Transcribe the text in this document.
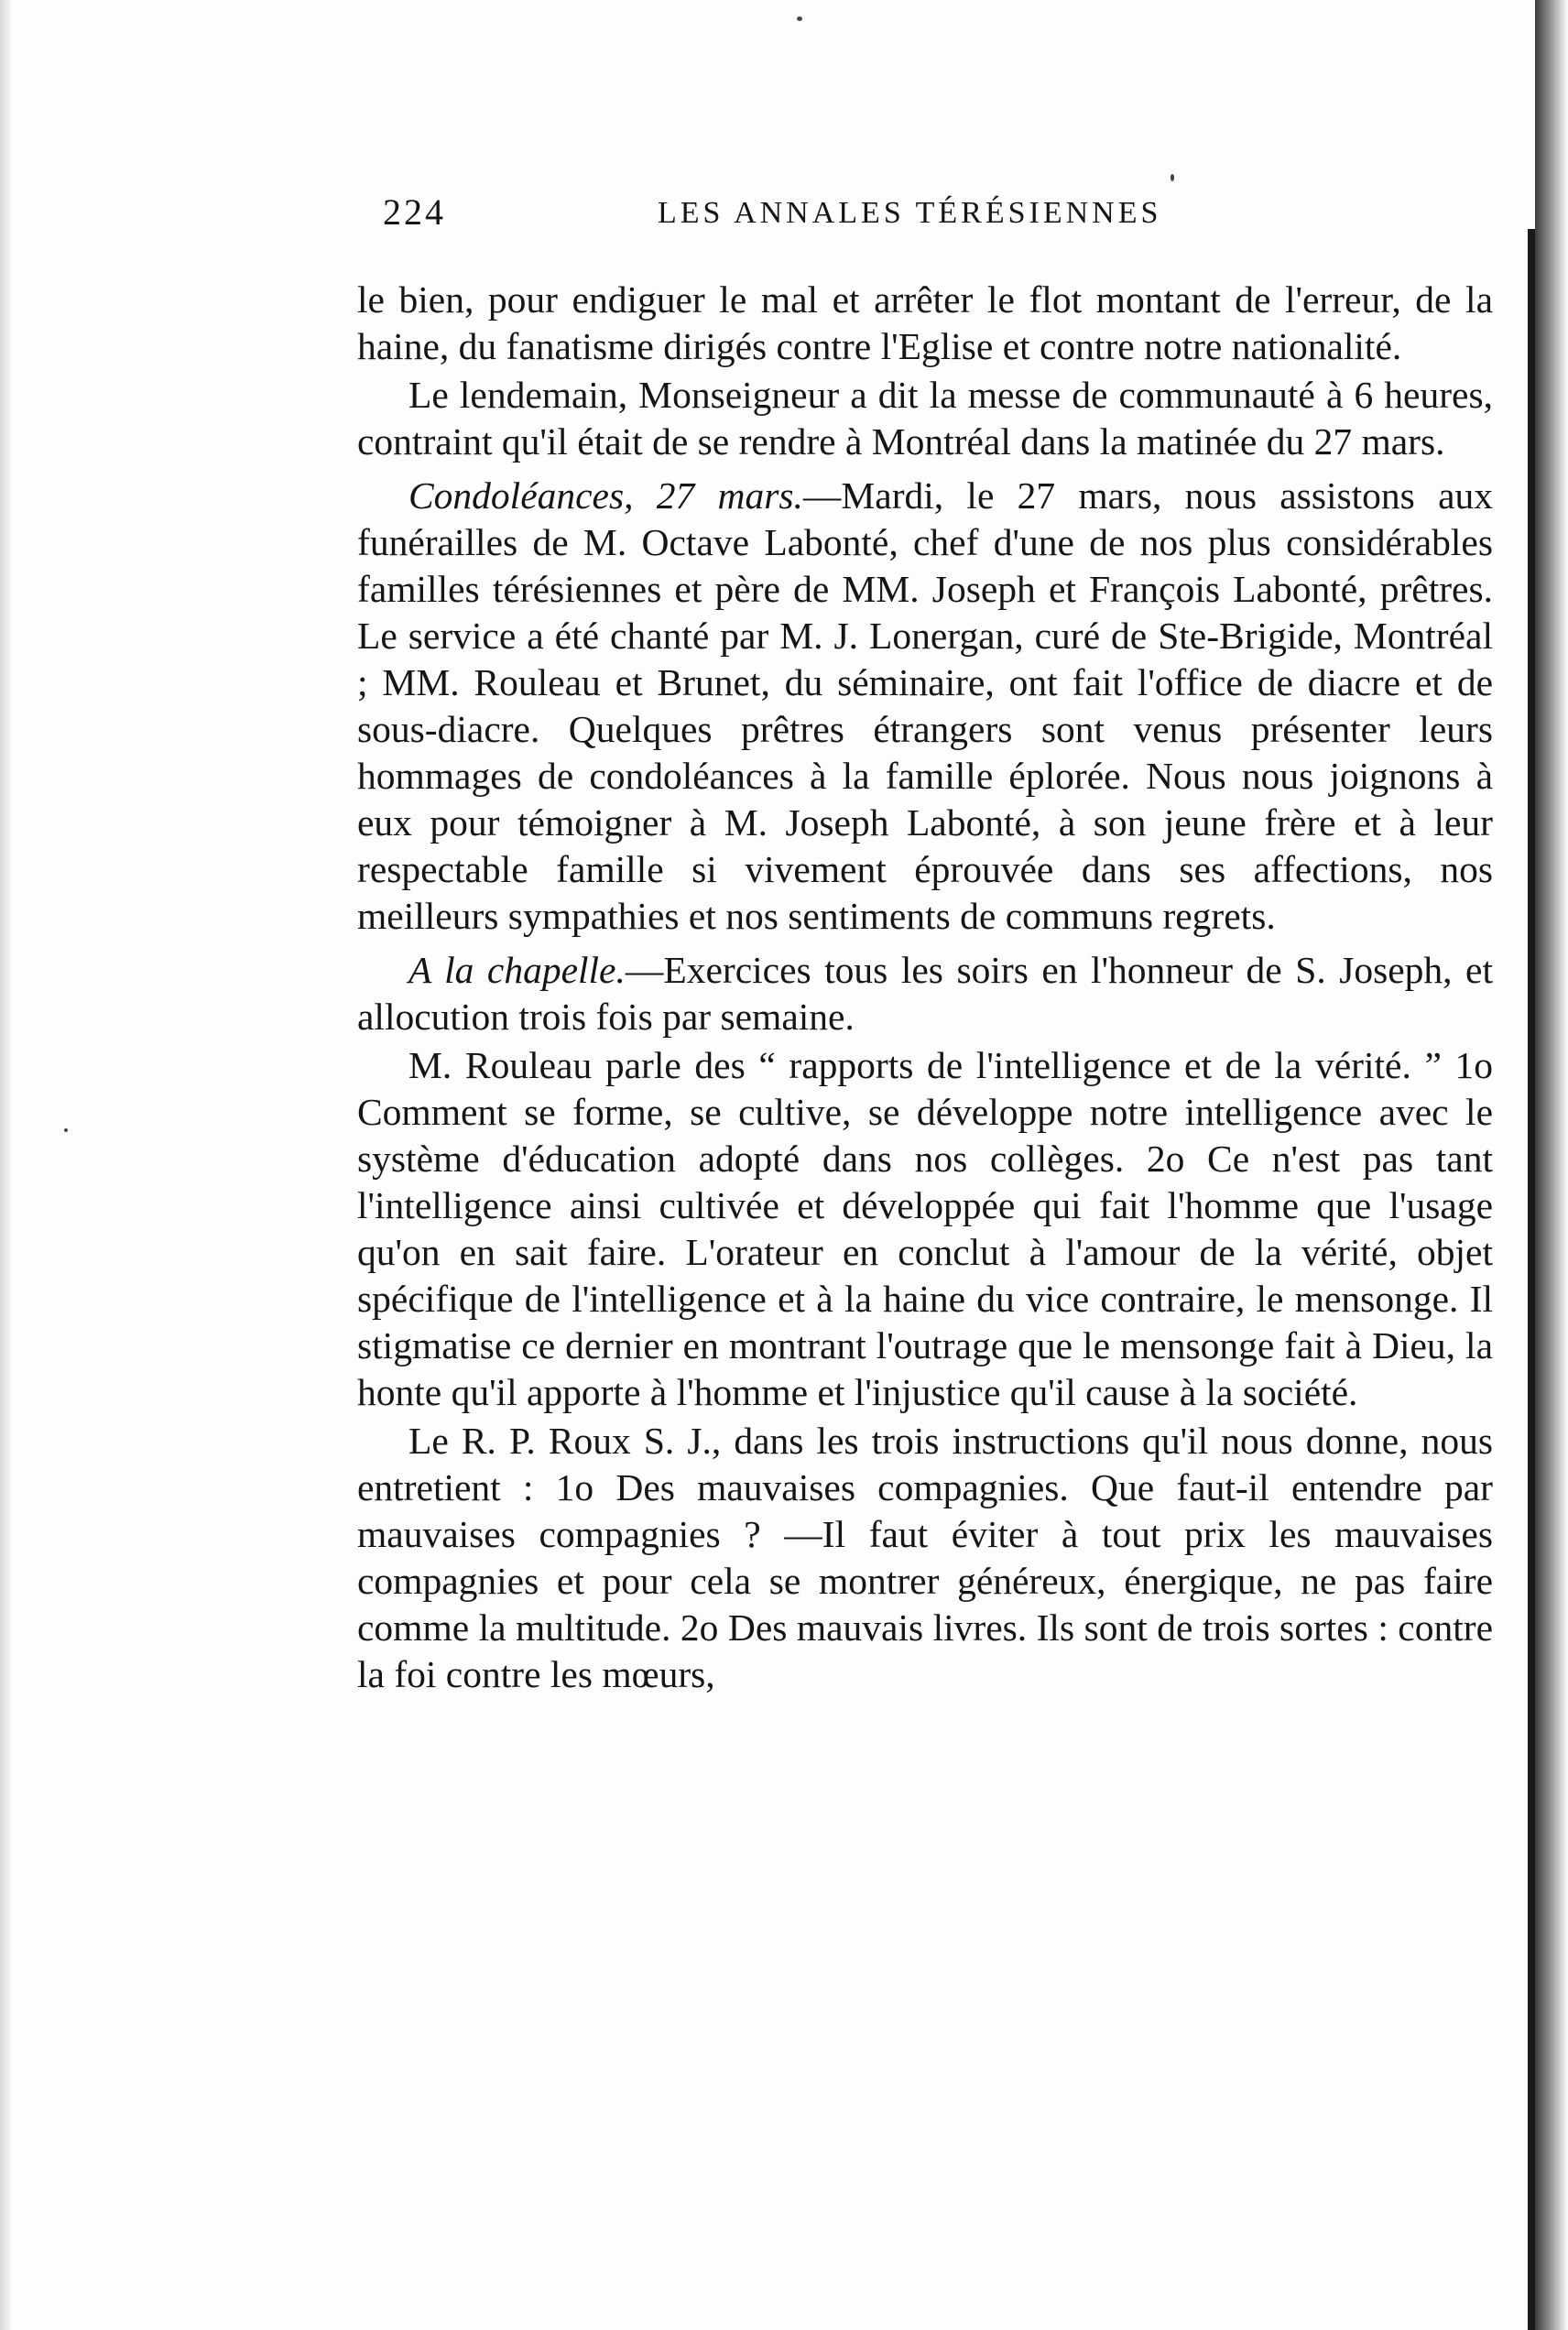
224	LES ANNALES TÉRÉSIENNES

le bien, pour endiguer le mal et arrêter le flot montant de l'erreur, de la haine, du fanatisme dirigés contre l'Eglise et contre notre nationalité.

Le lendemain, Monseigneur a dit la messe de communauté à 6 heures, contraint qu'il était de se rendre à Montréal dans la matinée du 27 mars.

Condoléances, 27 mars.—Mardi, le 27 mars, nous assistons aux funérailles de M. Octave Labonté, chef d'une de nos plus considérables familles térésiennes et père de MM. Joseph et François Labonté, prêtres. Le service a été chanté par M. J. Lonergan, curé de Ste-Brigide, Montréal ; MM. Rouleau et Brunet, du séminaire, ont fait l'office de diacre et de sous-diacre. Quelques prêtres étrangers sont venus présenter leurs hommages de condoléances à la famille éplorée. Nous nous joignons à eux pour témoigner à M. Joseph Labonté, à son jeune frère et à leur respectable famille si vivement éprouvée dans ses affections, nos meilleurs sympathies et nos sentiments de communs regrets.

A la chapelle.—Exercices tous les soirs en l'honneur de S. Joseph, et allocution trois fois par semaine.

M. Rouleau parle des “ rapports de l'intelligence et de la vérité. ” 1o Comment se forme, se cultive, se développe notre intelligence avec le système d'éducation adopté dans nos collèges. 2o Ce n'est pas tant l'intelligence ainsi cultivée et développée qui fait l'homme que l'usage qu'on en sait faire. L'orateur en conclut à l'amour de la vérité, objet spécifique de l'intelligence et à la haine du vice contraire, le mensonge. Il stigmatise ce dernier en montrant l'outrage que le mensonge fait à Dieu, la honte qu'il apporte à l'homme et l'injustice qu'il cause à la société.

Le R. P. Roux S. J., dans les trois instructions qu'il nous donne, nous entretient : 1o Des mauvaises compagnies. Que faut-il entendre par mauvaises compagnies ? —Il faut éviter à tout prix les mauvaises compagnies et pour cela se montrer généreux, énergique, ne pas faire comme la multitude. 2o Des mauvais livres. Ils sont de trois sortes : contre la foi contre les mœurs,
